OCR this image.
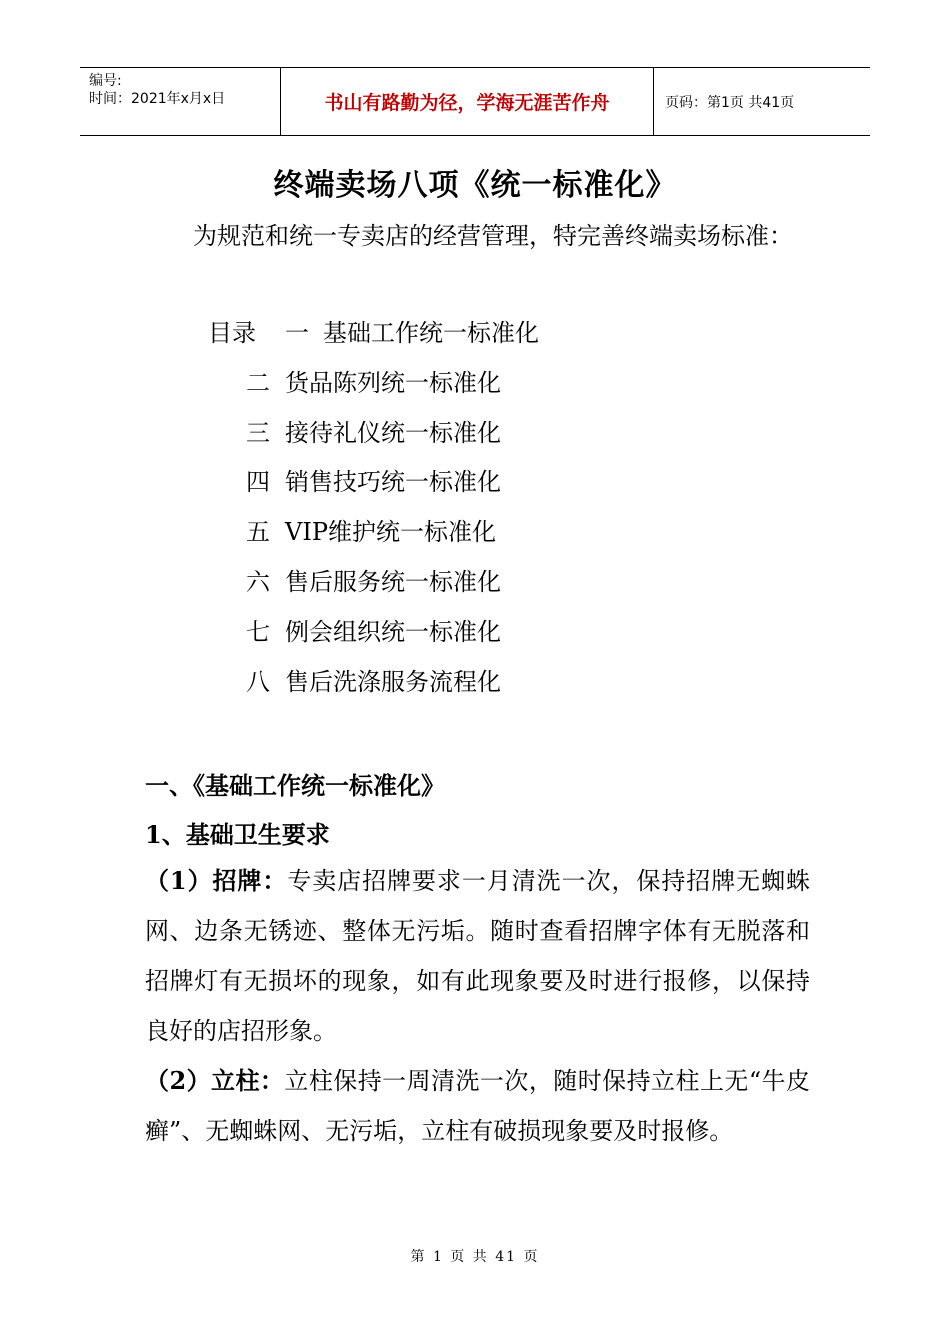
编号:
时间：2021年x月x日	书山有路勤为径，学海无涯苦作舟	页码：第1页 共41页
终端卖场八项《统一标准化》

为规范和统一专卖店的经营管理，特完善终端卖场标准：

目录 一 基础工作统一标准化
二 货品陈列统一标准化
三 接待礼仪统一标准化
四 销售技巧统一标准化
五 VIP维护统一标准化
六 售后服务统一标准化
七 例会组织统一标准化
八 售后洗涤服务流程化
一、《基础工作统一标准化》
1、基础卫生要求

（1）招牌：专卖店招牌要求一月清洗一次，保持招牌无蜘蛛网、边条无锈迹、整体无污垢。随时查看招牌字体有无脱落和招牌灯有无损坏的现象，如有此现象要及时进行报修，以保持良好的店招形象。

（2）立柱：立柱保持一周清洗一次，随时保持立柱上无“牛皮癣”、无蜘蛛网、无污垢，立柱有破损现象要及时报修。

第 1 页 共 41 页
